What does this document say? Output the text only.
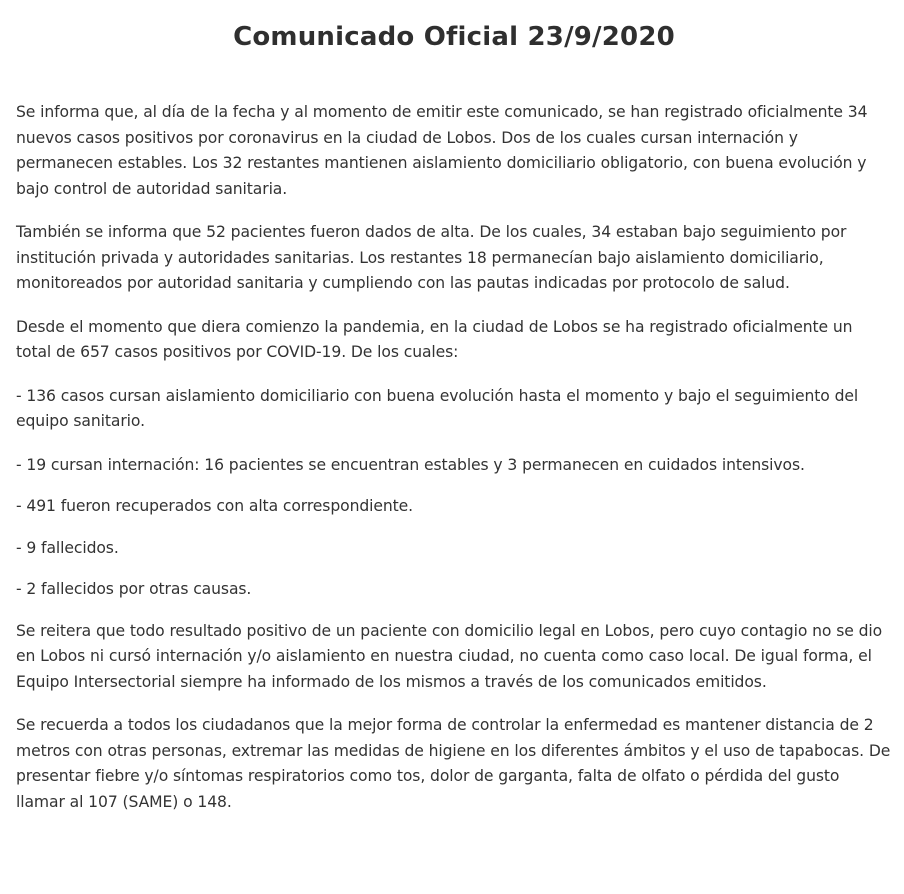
Comunicado Oficial 23/9/2020

Se informa que, al día de la fecha y al momento de emitir este comunicado, se han registrado oficialmente 34 nuevos casos positivos por coronavirus en la ciudad de Lobos. Dos de los cuales cursan internación y permanecen estables. Los 32 restantes mantienen aislamiento domiciliario obligatorio, con buena evolución y bajo control de autoridad sanitaria.

También se informa que 52 pacientes fueron dados de alta. De los cuales, 34 estaban bajo seguimiento por institución privada y autoridades sanitarias. Los restantes 18 permanecían bajo aislamiento domiciliario, monitoreados por autoridad sanitaria y cumpliendo con las pautas indicadas por protocolo de salud.

Desde el momento que diera comienzo la pandemia, en la ciudad de Lobos se ha registrado oficialmente un total de 657 casos positivos por COVID-19. De los cuales:

- 136 casos cursan aislamiento domiciliario con buena evolución hasta el momento y bajo el seguimiento del equipo sanitario.

- 19 cursan internación: 16 pacientes se encuentran estables y 3 permanecen en cuidados intensivos.

- 491 fueron recuperados con alta correspondiente.

- 9 fallecidos.

- 2 fallecidos por otras causas.

Se reitera que todo resultado positivo de un paciente con domicilio legal en Lobos, pero cuyo contagio no se dio en Lobos ni cursó internación y/o aislamiento en nuestra ciudad, no cuenta como caso local. De igual forma, el Equipo Intersectorial siempre ha informado de los mismos a través de los comunicados emitidos.

Se recuerda a todos los ciudadanos que la mejor forma de controlar la enfermedad es mantener distancia de 2 metros con otras personas, extremar las medidas de higiene en los diferentes ámbitos y el uso de tapabocas. De presentar fiebre y/o síntomas respiratorios como tos, dolor de garganta, falta de olfato o pérdida del gusto llamar al 107 (SAME) o 148.
